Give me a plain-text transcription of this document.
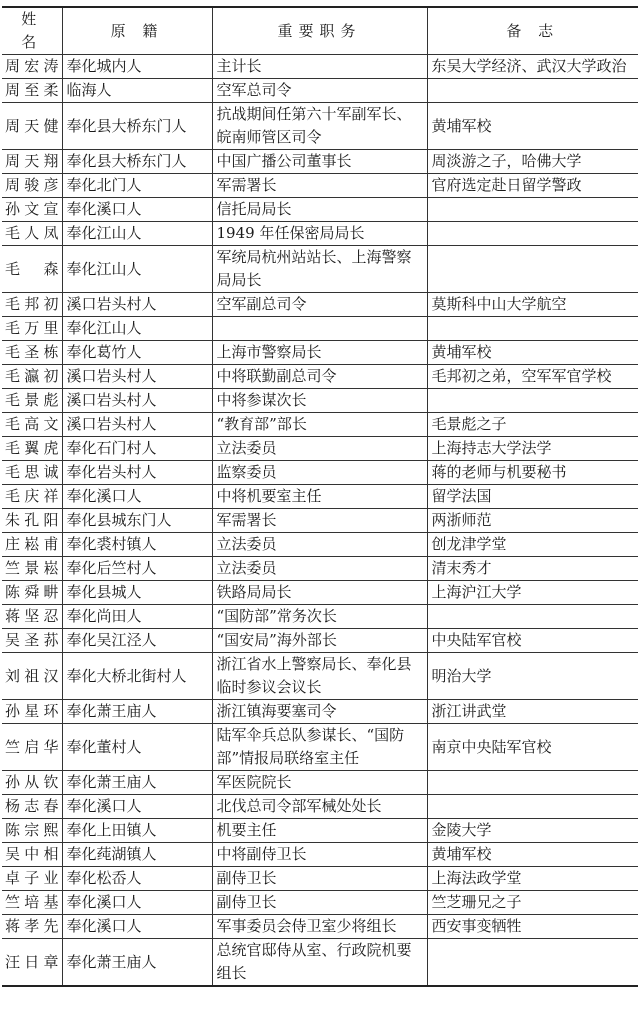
姓 名	原 籍	重要职务	备 志
周宏涛	奉化城内人	主计长	东吴大学经济、武汉大学政治
周至柔	临海人	空军总司令	
周天健	奉化县大桥东门人	抗战期间任第六十军副军长、皖南师管区司令	黄埔军校
周天翔	奉化县大桥东门人	中国广播公司董事长	周淡游之子，哈佛大学
周骏彦	奉化北门人	军需署长	官府选定赴日留学警政
孙文宣	奉化溪口人	信托局局长	
毛人凤	奉化江山人	1949 年任保密局局长	
毛 森	奉化江山人	军统局杭州站站长、上海警察局局长	
毛邦初	溪口岩头村人	空军副总司令	莫斯科中山大学航空
毛万里	奉化江山人		
毛圣栋	奉化葛竹人	上海市警察局长	黄埔军校
毛瀛初	溪口岩头村人	中将联勤副总司令	毛邦初之弟，空军军官学校
毛景彪	溪口岩头村人	中将参谋次长	
毛高文	溪口岩头村人	“教育部”部长	毛景彪之子
毛翼虎	奉化石门村人	立法委员	上海持志大学法学
毛思诚	奉化岩头村人	监察委员	蒋的老师与机要秘书
毛庆祥	奉化溪口人	中将机要室主任	留学法国
朱孔阳	奉化县城东门人	军需署长	两浙师范
庄崧甫	奉化裘村镇人	立法委员	创龙津学堂
竺景崧	奉化后竺村人	立法委员	清末秀才
陈舜畊	奉化县城人	铁路局局长	上海沪江大学
蒋坚忍	奉化尚田人	“国防部”常务次长	
吴圣荪	奉化吴江泾人	“国安局”海外部长	中央陆军官校
刘祖汉	奉化大桥北街村人	浙江省水上警察局长、奉化县临时参议会议长	明治大学
孙星环	奉化萧王庙人	浙江镇海要塞司令	浙江讲武堂
竺启华	奉化董村人	陆军伞兵总队参谋长、“国防部”情报局联络室主任	南京中央陆军官校
孙从钦	奉化萧王庙人	军医院院长	
杨志春	奉化溪口人	北伐总司令部军械处处长	
陈宗熙	奉化上田镇人	机要主任	金陵大学
吴中相	奉化莼湖镇人	中将副侍卫长	黄埔军校
卓子业	奉化松岙人	副侍卫长	上海法政学堂
竺培基	奉化溪口人	副侍卫长	竺芝珊兄之子
蒋孝先	奉化溪口人	军事委员会侍卫室少将组长	西安事变牺牲
汪日章	奉化萧王庙人	总统官邸侍从室、行政院机要组长	
